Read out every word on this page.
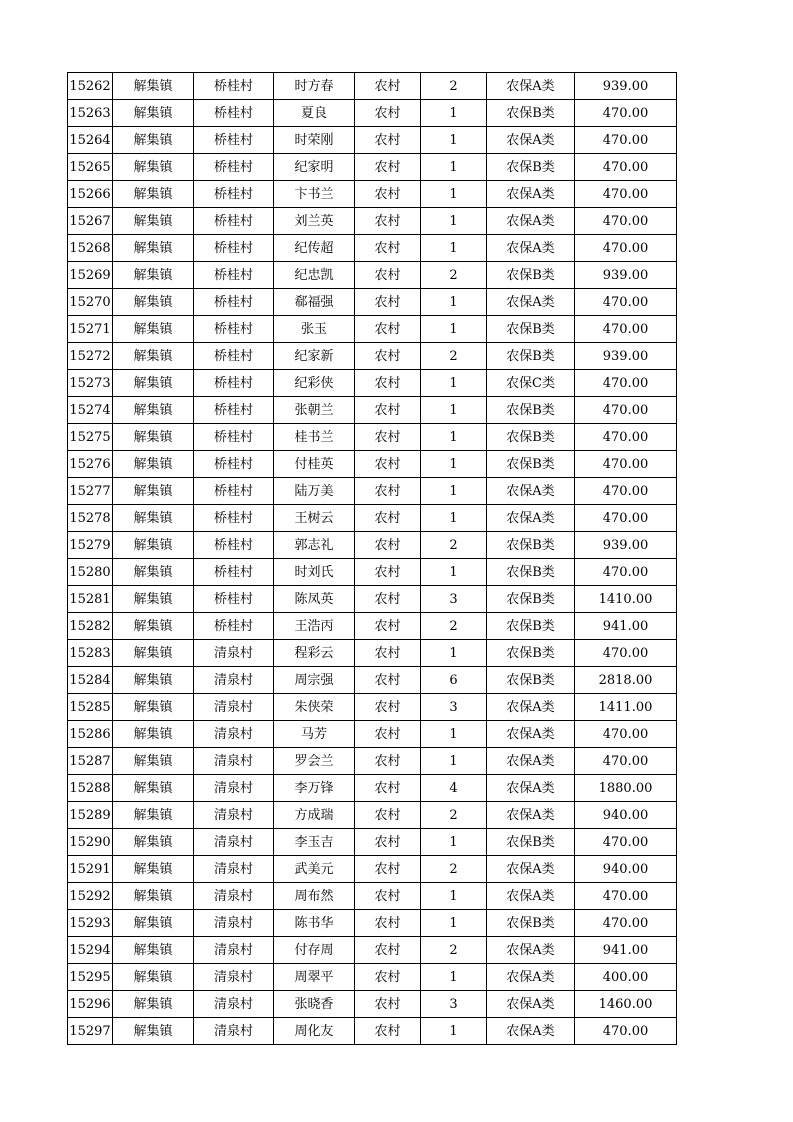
15262	解集镇	桥桂村	时方春	农村	2	农保A类	939.00
15263	解集镇	桥桂村	夏良	农村	1	农保B类	470.00
15264	解集镇	桥桂村	时荣刚	农村	1	农保A类	470.00
15265	解集镇	桥桂村	纪家明	农村	1	农保B类	470.00
15266	解集镇	桥桂村	卞书兰	农村	1	农保A类	470.00
15267	解集镇	桥桂村	刘兰英	农村	1	农保A类	470.00
15268	解集镇	桥桂村	纪传超	农村	1	农保A类	470.00
15269	解集镇	桥桂村	纪忠凯	农村	2	农保B类	939.00
15270	解集镇	桥桂村	郗福强	农村	1	农保A类	470.00
15271	解集镇	桥桂村	张玉	农村	1	农保B类	470.00
15272	解集镇	桥桂村	纪家新	农村	2	农保B类	939.00
15273	解集镇	桥桂村	纪彩侠	农村	1	农保C类	470.00
15274	解集镇	桥桂村	张朝兰	农村	1	农保B类	470.00
15275	解集镇	桥桂村	桂书兰	农村	1	农保B类	470.00
15276	解集镇	桥桂村	付桂英	农村	1	农保B类	470.00
15277	解集镇	桥桂村	陆万美	农村	1	农保A类	470.00
15278	解集镇	桥桂村	王树云	农村	1	农保A类	470.00
15279	解集镇	桥桂村	郭志礼	农村	2	农保B类	939.00
15280	解集镇	桥桂村	时刘氏	农村	1	农保B类	470.00
15281	解集镇	桥桂村	陈凤英	农村	3	农保B类	1410.00
15282	解集镇	桥桂村	王浩丙	农村	2	农保B类	941.00
15283	解集镇	清泉村	程彩云	农村	1	农保B类	470.00
15284	解集镇	清泉村	周宗强	农村	6	农保B类	2818.00
15285	解集镇	清泉村	朱侠荣	农村	3	农保A类	1411.00
15286	解集镇	清泉村	马芳	农村	1	农保A类	470.00
15287	解集镇	清泉村	罗会兰	农村	1	农保A类	470.00
15288	解集镇	清泉村	李万锋	农村	4	农保A类	1880.00
15289	解集镇	清泉村	方成瑞	农村	2	农保A类	940.00
15290	解集镇	清泉村	李玉吉	农村	1	农保B类	470.00
15291	解集镇	清泉村	武美元	农村	2	农保A类	940.00
15292	解集镇	清泉村	周布然	农村	1	农保A类	470.00
15293	解集镇	清泉村	陈书华	农村	1	农保B类	470.00
15294	解集镇	清泉村	付存周	农村	2	农保A类	941.00
15295	解集镇	清泉村	周翠平	农村	1	农保A类	400.00
15296	解集镇	清泉村	张晓香	农村	3	农保A类	1460.00
15297	解集镇	清泉村	周化友	农村	1	农保A类	470.00
